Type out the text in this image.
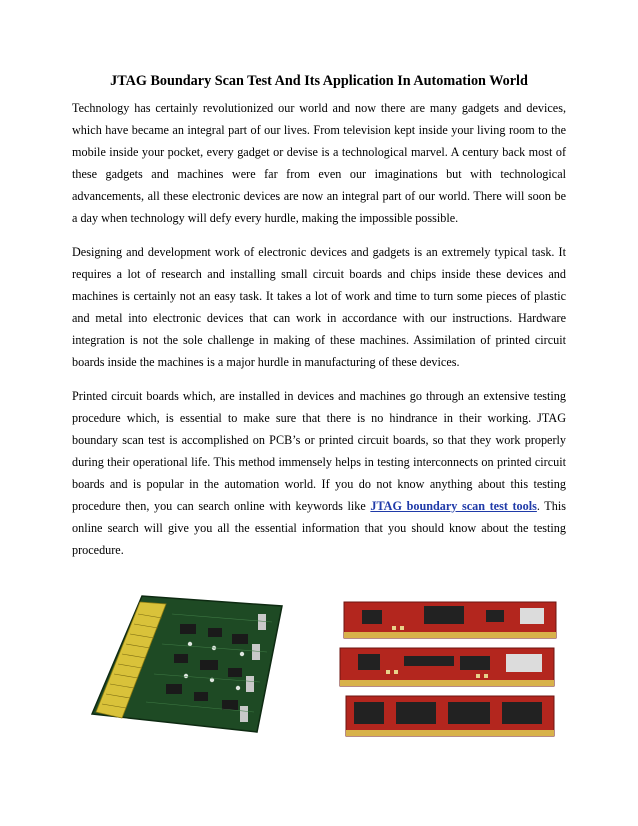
JTAG Boundary Scan Test And Its Application In Automation World

Technology has certainly revolutionized our world and now there are many gadgets and devices, which have became an integral part of our lives. From television kept inside your living room to the mobile inside your pocket, every gadget or devise is a technological marvel. A century back most of these gadgets and machines were far from even our imaginations but with technological advancements, all these electronic devices are now an integral part of our world. There will soon be a day when technology will defy every hurdle, making the impossible possible.

Designing and development work of electronic devices and gadgets is an extremely typical task. It requires a lot of research and installing small circuit boards and chips inside these devices and machines is certainly not an easy task. It takes a lot of work and time to turn some pieces of plastic and metal into electronic devices that can work in accordance with our instructions. Hardware integration is not the sole challenge in making of these machines. Assimilation of printed circuit boards inside the machines is a major hurdle in manufacturing of these devices.

Printed circuit boards which, are installed in devices and machines go through an extensive testing procedure which, is essential to make sure that there is no hindrance in their working. JTAG boundary scan test is accomplished on PCB’s or printed circuit boards, so that they work properly during their operational life. This method immensely helps in testing interconnects on printed circuit boards and is popular in the automation world. If you do not know anything about this testing procedure then, you can search online with keywords like JTAG boundary scan test tools. This online search will give you all the essential information that you should know about the testing procedure.
